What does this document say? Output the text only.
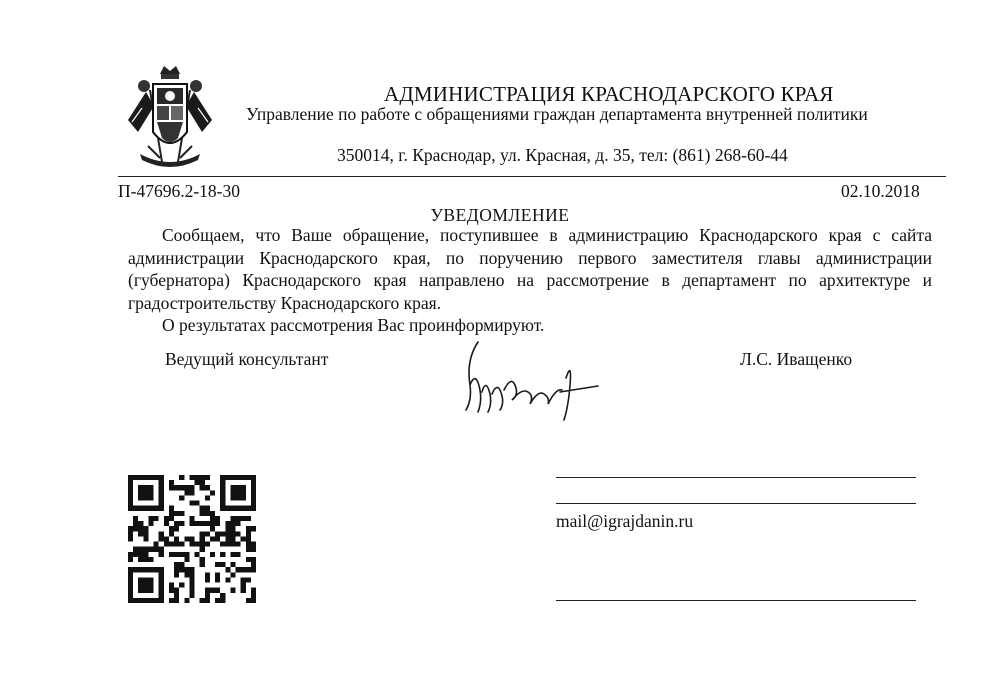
АДМИНИСТРАЦИЯ КРАСНОДАРСКОГО КРАЯ
Управление по работе с обращениями граждан департамента внутренней политики
350014, г. Краснодар, ул. Красная, д. 35, тел: (861) 268-60-44
П-47696.2-18-30	02.10.2018
УВЕДОМЛЕНИЕ

Сообщаем, что Ваше обращение, поступившее в администрацию Краснодарского края с сайта администрации Краснодарского края, по поручению первого заместителя главы администрации (губернатора) Краснодарского края направлено на рассмотрение в департамент по архитектуре и градостроительству Краснодарского края.

О результатах рассмотрения Вас проинформируют.

Ведущий консультант	Л.С. Иващенко
mail@igrajdanin.ru
